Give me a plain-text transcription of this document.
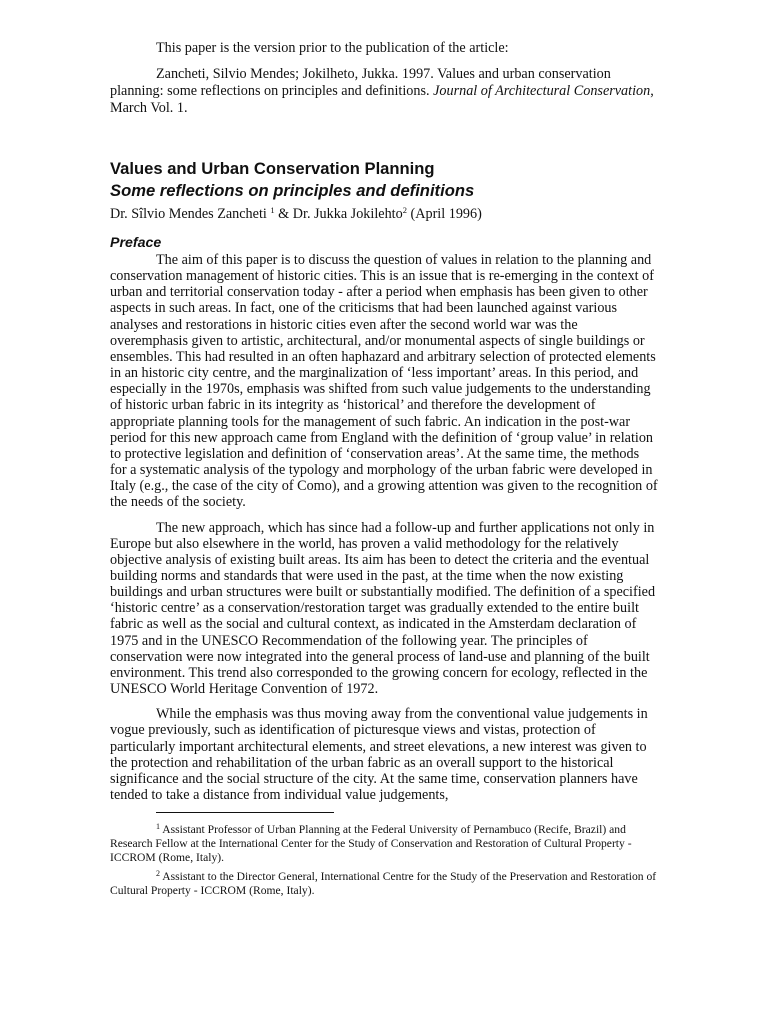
This paper is the version prior to the publication of the article:

Zancheti, Silvio Mendes; Jokilheto, Jukka. 1997. Values and urban conservation planning: some reflections on principles and definitions. Journal of Architectural Conservation, March Vol. 1.

Values and Urban Conservation Planning
Some reflections on principles and definitions

Dr. Sîlvio Mendes Zancheti $^1$ & Dr. Jukka Jokilehto$^2$ (April 1996)

Preface

The aim of this paper is to discuss the question of values in relation to the planning and conservation management of historic cities. This is an issue that is re-emerging in the context of urban and territorial conservation today - after a period when emphasis has been given to other aspects in such areas. In fact, one of the criticisms that had been launched against various analyses and restorations in historic cities even after the second world war was the overemphasis given to artistic, architectural, and/or monumental aspects of single buildings or ensembles. This had resulted in an often haphazard and arbitrary selection of protected elements in an historic city centre, and the marginalization of ‘less important’ areas. In this period, and especially in the 1970s, emphasis was shifted from such value judgements to the understanding of historic urban fabric in its integrity as ‘historical’ and therefore the development of appropriate planning tools for the management of such fabric. An indication in the post-war period for this new approach came from England with the definition of ‘group value’ in relation to protective legislation and definition of ‘conservation areas’. At the same time, the methods for a systematic analysis of the typology and morphology of the urban fabric were developed in Italy (e.g., the case of the city of Como), and a growing attention was given to the recognition of the needs of the society.

The new approach, which has since had a follow-up and further applications not only in Europe but also elsewhere in the world, has proven a valid methodology for the relatively objective analysis of existing built areas. Its aim has been to detect the criteria and the eventual building norms and standards that were used in the past, at the time when the now existing buildings and urban structures were built or substantially modified. The definition of a specified ‘historic centre’ as a conservation/restoration target was gradually extended to the entire built fabric as well as the social and cultural context, as indicated in the Amsterdam declaration of 1975 and in the UNESCO Recommendation of the following year. The principles of conservation were now integrated into the general process of land-use and planning of the built environment. This trend also corresponded to the growing concern for ecology, reflected in the UNESCO World Heritage Convention of 1972.

While the emphasis was thus moving away from the conventional value judgements in vogue previously, such as identification of picturesque views and vistas, protection of particularly important architectural elements, and street elevations, a new interest was given to the protection and rehabilitation of the urban fabric as an overall support to the historical significance and the social structure of the city. At the same time, conservation planners have tended to take a distance from individual value judgements,

$^1$ Assistant Professor of Urban Planning at the Federal University of Pernambuco (Recife, Brazil) and Research Fellow at the International Center for the Study of Conservation and Restoration of Cultural Property - ICCROM (Rome, Italy).

$^2$ Assistant to the Director General, International Centre for the Study of the Preservation and Restoration of Cultural Property - ICCROM (Rome, Italy).
